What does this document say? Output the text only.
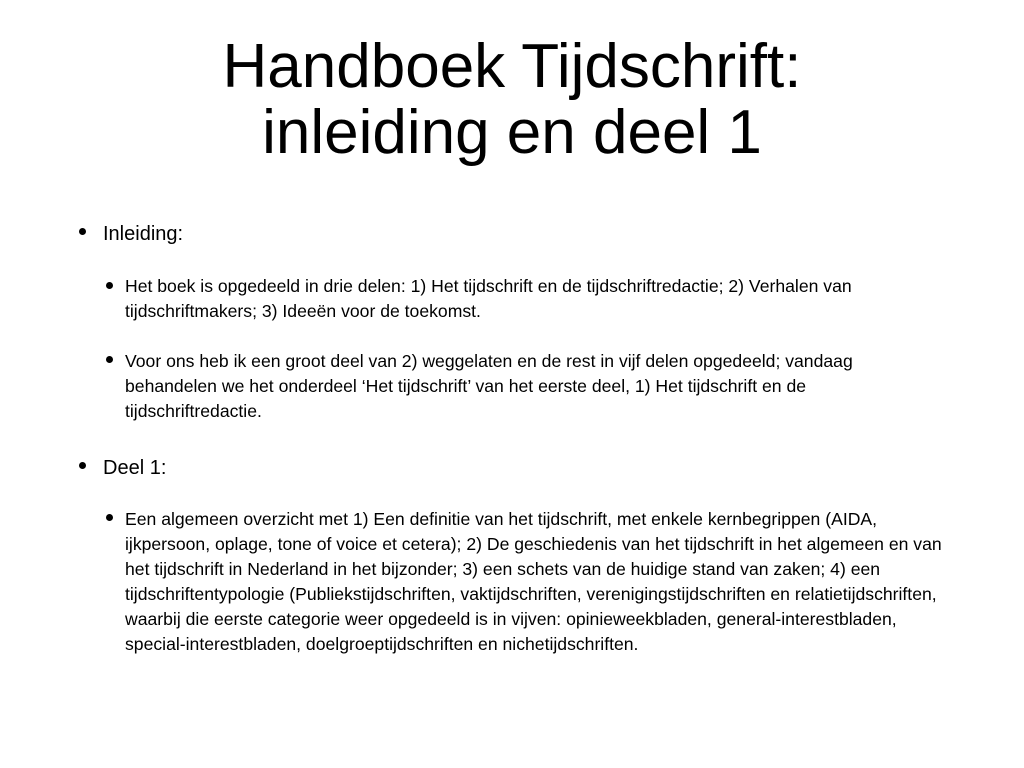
Handboek Tijdschrift:
inleiding en deel 1

Inleiding:

Het boek is opgedeeld in drie delen: 1) Het tijdschrift en de tijdschriftredactie; 2) Verhalen van tijdschriftmakers; 3) Ideeën voor de toekomst.

Voor ons heb ik een groot deel van 2) weggelaten en de rest in vijf delen opgedeeld; vandaag behandelen we het onderdeel ‘Het tijdschrift’ van het eerste deel, 1) Het tijdschrift en de tijdschriftredactie.

Deel 1:

Een algemeen overzicht met 1) Een definitie van het tijdschrift, met enkele kernbegrippen (AIDA, ijkpersoon, oplage, tone of voice et cetera); 2) De geschiedenis van het tijdschrift in het algemeen en van het tijdschrift in Nederland in het bijzonder; 3) een schets van de huidige stand van zaken; 4) een tijdschriftentypologie (Publiekstijdschriften, vaktijdschriften, verenigingstijdschriften en relatietijdschriften, waarbij die eerste categorie weer opgedeeld is in vijven: opinieweekbladen, general-interestbladen, special-interestbladen, doelgroeptijdschriften en nichetijdschriften.
